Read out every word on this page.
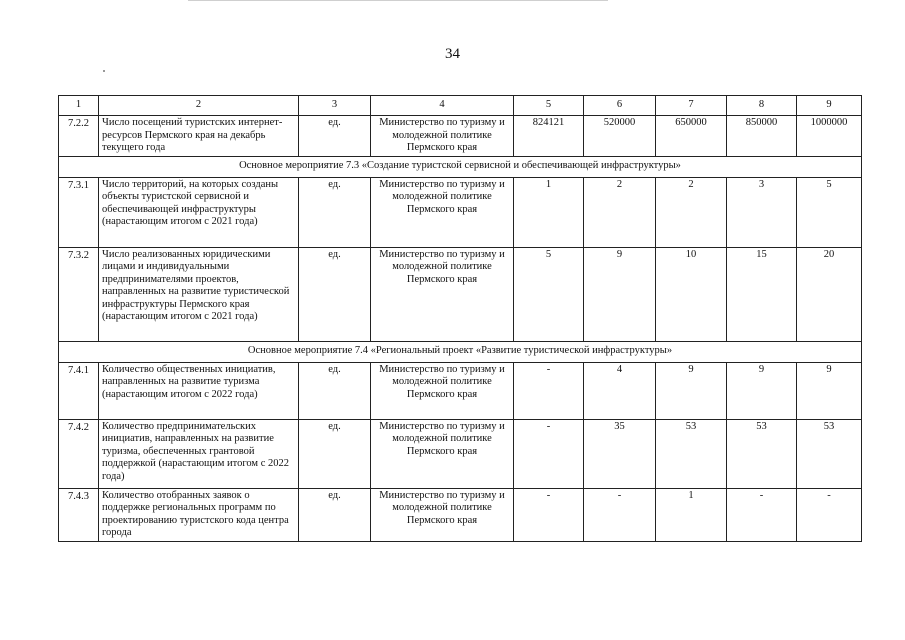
34
1	2	3	4	5	6	7	8	9
7.2.2	Число посещений туристских интернет-ресурсов Пермского края на декабрь текущего года	ед.	Министерство по туризму и молодежной политике Пермского края	824121	520000	650000	850000	1000000
Основное мероприятие 7.3 «Создание туристской сервисной и обеспечивающей инфраструктуры»								
7.3.1	Число территорий, на которых созданы объекты туристской сервисной и обеспечивающей инфраструктуры (нарастающим итогом с 2021 года)	ед.	Министерство по туризму и молодежной политике Пермского края	1	2	2	3	5
7.3.2	Число реализованных юридическими лицами и индивидуальными предпринимателями проектов, направленных на развитие туристической инфраструктуры Пермского края (нарастающим итогом с 2021 года)	ед.	Министерство по туризму и молодежной политике Пермского края	5	9	10	15	20
Основное мероприятие 7.4 «Региональный проект «Развитие туристической инфраструктуры»								
7.4.1	Количество общественных инициатив, направленных на развитие туризма (нарастающим итогом с 2022 года)	ед.	Министерство по туризму и молодежной политике Пермского края	-	4	9	9	9
7.4.2	Количество предпринимательских инициатив, направленных на развитие туризма, обеспеченных грантовой поддержкой (нарастающим итогом с 2022 года)	ед.	Министерство по туризму и молодежной политике Пермского края	-	35	53	53	53
7.4.3	Количество отобранных заявок о поддержке региональных программ по проектированию туристского кода центра города	ед.	Министерство по туризму и молодежной политике Пермского края	-	-	1	-	-
